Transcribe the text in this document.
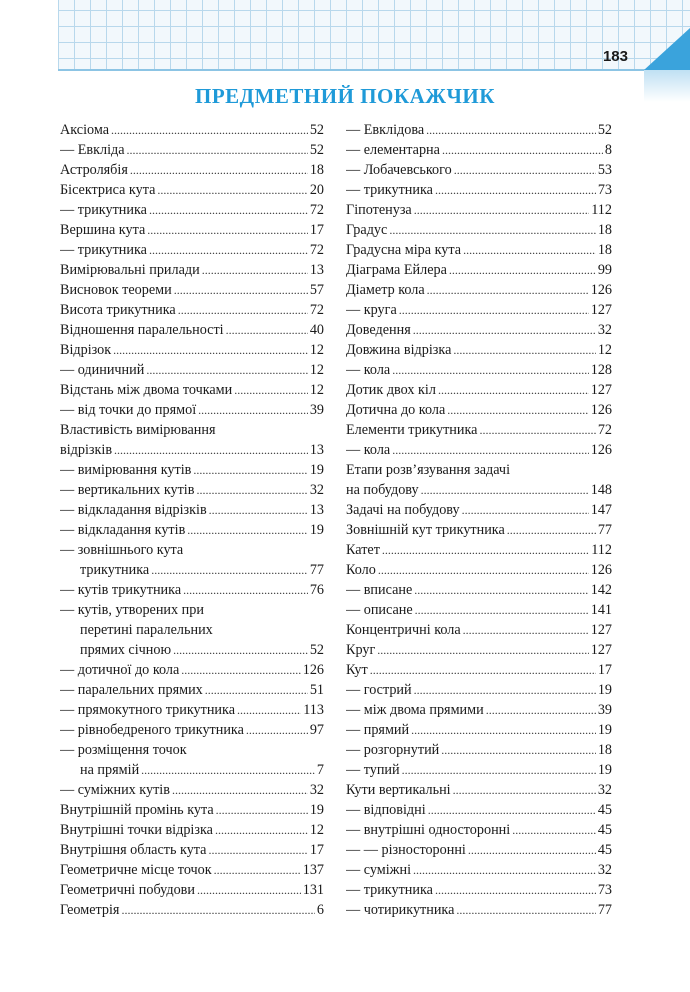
183
ПРЕДМЕТНИЙ ПОКАЖЧИК
Аксіома . . .	52
— Евкліда . . .	52
Астролябія . . .	18
Бісектриса кута . . .	20
— трикутника . . .	72
Вершина кута . . .	17
— трикутника . . .	72
Вимірювальні прилади . . .	13
Висновок теореми . . .	57
Висота трикутника . . .	72
Відношення паралельності . . .	40
Відрізок . . .	12
— одиничний . . .	12
Відстань між двома точками . . .	12
— від точки до прямої . . .	39
Властивість вимірювання
відрізків . . .	13
— вимірювання кутів . . .	19
— вертикальних кутів . . .	32
— відкладання відрізків . . .	13
— відкладання кутів . . .	19
— зовнішнього кута
трикутника . . .	77
— кутів трикутника . . .	76
— кутів, утворених при
перетині паралельних
прямих січною . . .	52
— дотичної до кола . . .	126
— паралельних прямих . . .	51
— прямокутного трикутника . . .	113
— рівнобедреного трикутника . . .	97
— розміщення точок
на прямій . . .	7
— суміжних кутів . . .	32
Внутрішній промінь кута . . .	19
Внутрішні точки відрізка . . .	12
Внутрішня область кута . . .	17
Геометричне місце точок . . .	137
Геометричні побудови . . .	131
Геометрія . . .	6
— Евклідова . . .	52
— елементарна . . .	8
— Лобачевського . . .	53
— трикутника . . .	73
Гіпотенуза . . .	112
Градус . . .	18
Градусна міра кута . . .	18
Діаграма Ейлера . . .	99
Діаметр кола . . .	126
— круга . . .	127
Доведення . . .	32
Довжина відрізка . . .	12
— кола . . .	128
Дотик двох кіл . . .	127
Дотична до кола . . .	126
Елементи трикутника . . .	72
— кола . . .	126
Етапи розв’язування задачі
на побудову . . .	148
Задачі на побудову . . .	147
Зовнішній кут трикутника . . .	77
Катет . . .	112
Коло . . .	126
— вписане . . .	142
— описане . . .	141
Концентричні кола . . .	127
Круг . . .	127
Кут . . .	17
— гострий . . .	19
— між двома прямими . . .	39
— прямий . . .	19
— розгорнутий . . .	18
— тупий . . .	19
Кути вертикальні . . .	32
— відповідні . . .	45
— внутрішні односторонні . . .	45
— — різносторонні . . .	45
— суміжні . . .	32
— трикутника . . .	73
— чотирикутника . . .	77
